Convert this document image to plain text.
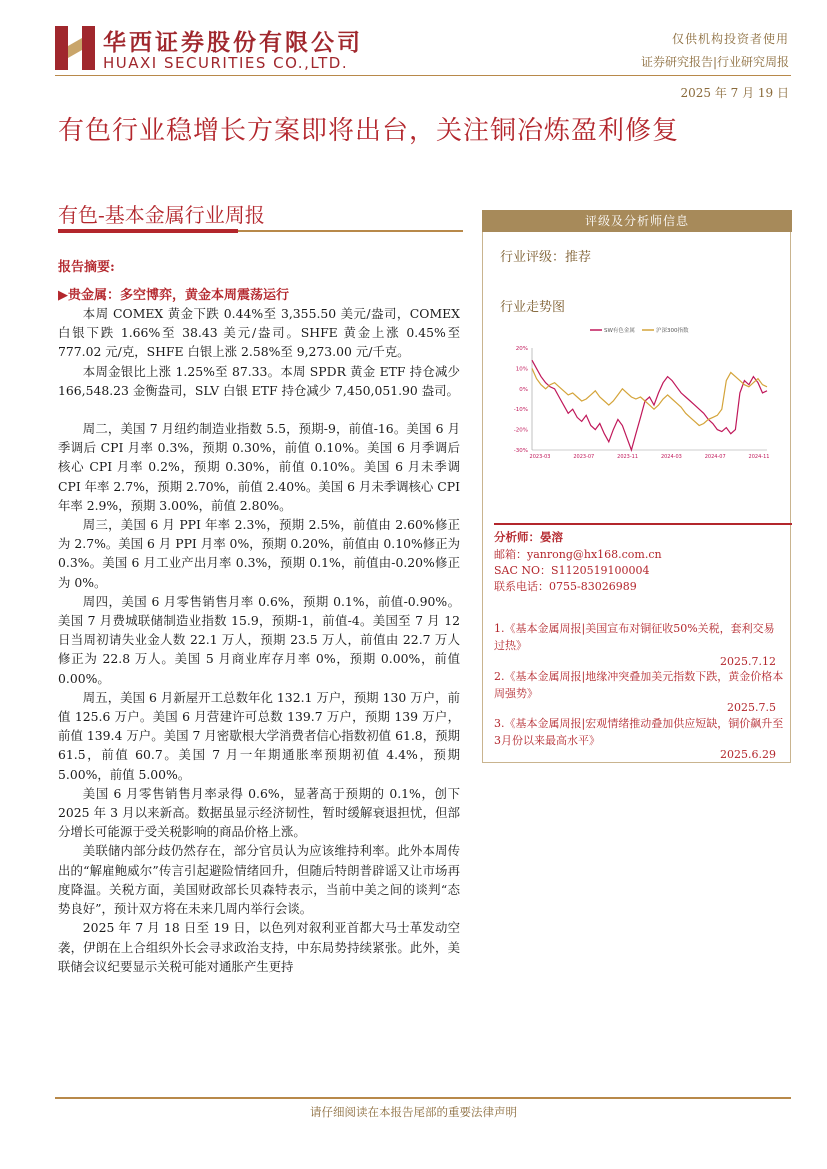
华西证券股份有限公司
HUAXI SECURITIES CO.,LTD.
仅供机构投资者使用
证券研究报告|行业研究周报
2025 年 7 月 19 日
有色行业稳增长方案即将出台，关注铜冶炼盈利修复
有色-基本金属行业周报	评级及分析师信息
行业评级：推荐
行业走势图
20%
10%
0%
-10%
-20%
-30%
2023-03	2023-07	2023-11	2024-03	2024-07	2024-11
SW有色金属	沪深300指数
分析师：晏溶
邮箱：yanrong@hx168.com.cn
SAC NO：S1120519100004
联系电话：0755-83026989
1.《基本金属周报|美国宣布对铜征收50%关税，套利交易过热》
2025.7.12
2.《基本金属周报|地缘冲突叠加美元指数下跌，黄金价格本周强势》
2025.7.5
3.《基本金属周报|宏观情绪推动叠加供应短缺，铜价飙升至3月份以来最高水平》
2025.6.29
报告摘要:
▶贵金属：多空博弈，黄金本周震荡运行

本周 COMEX 黄金下跌 0.44%至 3,355.50 美元/盎司，COMEX 白银下跌 1.66%至 38.43 美元/盎司。SHFE 黄金上涨 0.45%至 777.02 元/克，SHFE 白银上涨 2.58%至 9,273.00 元/千克。

本周金银比上涨 1.25%至 87.33。本周 SPDR 黄金 ETF 持仓减少 166,548.23 金衡盎司，SLV 白银 ETF 持仓减少 7,450,051.90 盎司。

周二，美国 7 月纽约制造业指数 5.5，预期-9，前值-16。美国 6 月季调后 CPI 月率 0.3%，预期 0.30%，前值 0.10%。美国 6 月季调后核心 CPI 月率 0.2%，预期 0.30%，前值 0.10%。美国 6 月未季调 CPI 年率 2.7%，预期 2.70%，前值 2.40%。美国 6 月未季调核心 CPI 年率 2.9%，预期 3.00%，前值 2.80%。

周三，美国 6 月 PPI 年率 2.3%，预期 2.5%，前值由 2.60%修正为 2.7%。美国 6 月 PPI 月率 0%，预期 0.20%，前值由 0.10%修正为 0.3%。美国 6 月工业产出月率 0.3%，预期 0.1%，前值由-0.20%修正为 0%。

周四，美国 6 月零售销售月率 0.6%，预期 0.1%，前值-0.90%。美国 7 月费城联储制造业指数 15.9，预期-1，前值-4。美国至 7 月 12 日当周初请失业金人数 22.1 万人，预期 23.5 万人，前值由 22.7 万人修正为 22.8 万人。美国 5 月商业库存月率 0%，预期 0.00%，前值 0.00%。

周五，美国 6 月新屋开工总数年化 132.1 万户，预期 130 万户，前值 125.6 万户。美国 6 月营建许可总数 139.7 万户，预期 139 万户，前值 139.4 万户。美国 7 月密歇根大学消费者信心指数初值 61.8，预期 61.5，前值 60.7。美国 7 月一年期通胀率预期初值 4.4%，预期 5.00%，前值 5.00%。

美国 6 月零售销售月率录得 0.6%，显著高于预期的 0.1%，创下 2025 年 3 月以来新高。数据虽显示经济韧性，暂时缓解衰退担忧，但部分增长可能源于受关税影响的商品价格上涨。

美联储内部分歧仍然存在，部分官员认为应该维持利率。此外本周传出的“解雇鲍威尔”传言引起避险情绪回升，但随后特朗普辟谣又让市场再度降温。关税方面，美国财政部长贝森特表示，当前中美之间的谈判“态势良好”，预计双方将在未来几周内举行会谈。

2025 年 7 月 18 日至 19 日，以色列对叙利亚首都大马士革发动空袭，伊朗在上合组织外长会寻求政治支持，中东局势持续紧张。此外，美联储会议纪要显示关税可能对通胀产生更持

请仔细阅读在本报告尾部的重要法律声明
